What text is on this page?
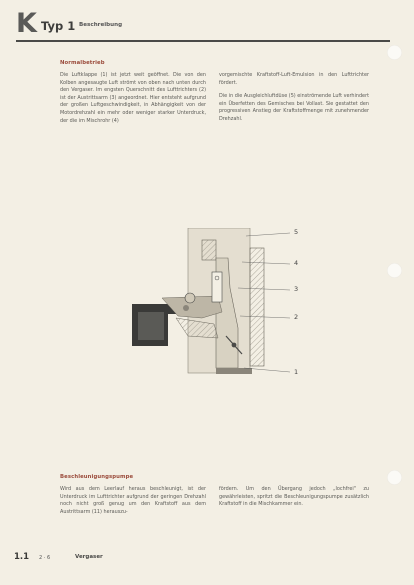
K Typ 1 Beschreibung
Normalbetrieb

Die Luftklappe (1) ist jetzt weit geöffnet. Die von den Kolben angesaugte Luft strömt von oben nach unten durch den Vergaser. Im engsten Querschnitt des Lufttrichters (2) ist der Austrittsarm (3) angeordnet. Hier entsteht aufgrund der großen Luftgeschwindigkeit, in Abhängigkeit von der Motordrehzahl ein mehr oder weniger starker Unterdruck, der die im Mischrohr (4)

vorgemischte Kraftstoff-Luft-Emulsion in den Lufttrichter fördert.

Die in die Ausgleichluftdüse (5) einströmende Luft verhindert ein Überfetten des Gemisches bei Vollast. Sie gestattet den progressiven Anstieg der Kraftstoffmenge mit zunehmender Drehzahl.

5
4
3
2
1
Beschleunigungspumpe

Wird aus dem Leerlauf heraus beschleunigt, ist der Unterdruck im Lufttrichter aufgrund der geringen Drehzahl noch nicht groß genug um den Kraftstoff aus dem Austrittsarm (11) herauszu-

fördern. Um den Übergang jedoch „lochfrei" zu gewährleisten, spritzt die Beschleunigungspumpe zusätzlich Kraftstoff in die Mischkammer ein.

1.1 2 · 6	Vergaser
